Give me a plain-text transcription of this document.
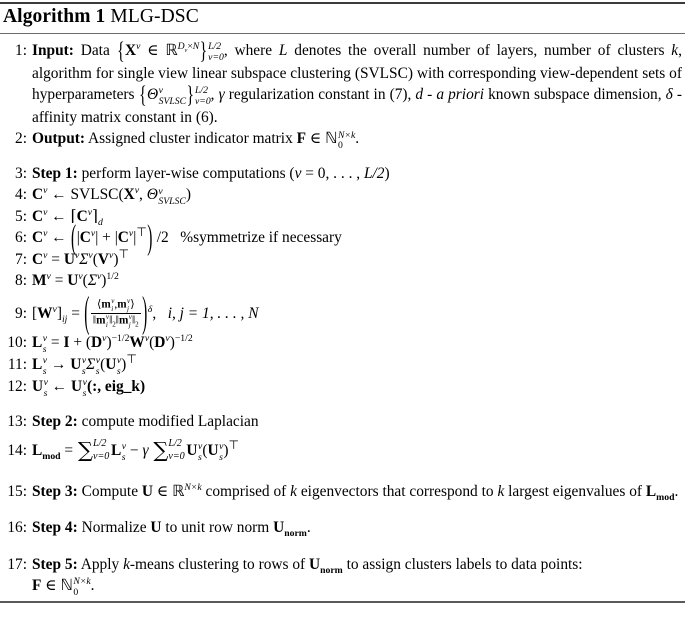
Algorithm 1 MLG-DSC
1: Input: Data {$X^v$ ∈ ℝ$^{D_v\times N}$} L/2
v=0 , where L denotes the overall number of layers, number of clusters k, algorithm for single view linear subspace clustering (SVLSC) with corresponding view-dependent sets of hyperparameters {Θ v
SVLSC } L/2
v=0 , γ regularization constant in (7), d - a priori known subspace dimension, δ - affinity matrix constant in (6).
2: Output: Assigned cluster indicator matrix F ∈ ℕ N×k
0 .
3: Step 1: perform layer-wise computations (v = 0, . . . , L/2)
4: $C^v$ ← $SVLSC(X^v$, Θ v
SVLSC )
5: $C^v$ ← $⌈C^v⌉_d$
6: $C^v$ ← $(|C^v| + |C^v|^⊤)$ /2 %symmetrize if necessary
7: $C^v = U^v\Sigma^v(V^v)^⊤$
8: $M^v = U^v(\Sigma^v)^{1/2}$
9: $[W^v]_{ij}$ = ( ⟨m v
i ,m v
j ⟩
‖m v
i $‖_2‖m$ v
j $‖_2$ )$^\delta$,   i, j = 1, . . . , N
10: L v
$s = I + (D^v)^{-1/2}W^v(D^v)^{-1/2}$
11: L v
s → U v
s Σ v
s (U v
s )⊤
12: U v
s ← U v
s (:, eig_k)
13: Step 2: compute modified Laplacian
14: $L_{mod}$ = ∑ L/2
v=0 L v
s − γ ∑ L/2
v=0 U v
s (U v
s )⊤
15: Step 3: Compute U ∈ ℝ$^{N\times k}$ comprised of k eigenvectors that correspond to k largest eigenvalues of $L_{mod}$.
16: Step 4: Normalize U to unit row norm $U_{norm}$.
17: Step 5: Apply k-means clustering to rows of $U_{norm}$ to assign clusters labels to data points:
F ∈ ℕ N×k
0 .
